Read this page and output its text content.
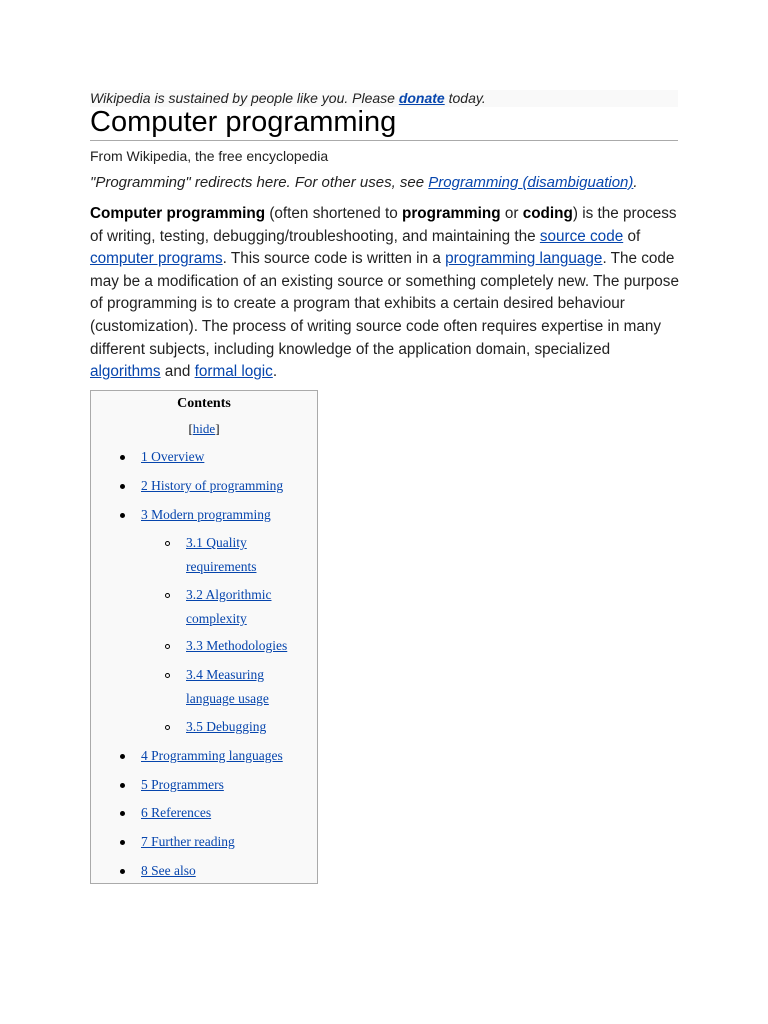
Wikipedia is sustained by people like you. Please donate today.
Computer programming
From Wikipedia, the free encyclopedia
"Programming" redirects here. For other uses, see Programming (disambiguation).

Computer programming (often shortened to programming or coding) is the process of writing, testing, debugging/troubleshooting, and maintaining the source code of computer programs. This source code is written in a programming language. The code may be a modification of an existing source or something completely new. The purpose of programming is to create a program that exhibits a certain desired behaviour (customization). The process of writing source code often requires expertise in many different subjects, including knowledge of the application domain, specialized algorithms and formal logic.

Contents
[hide]
1 Overview
2 History of programming
3 Modern programming
3.1 Quality
requirements
3.2 Algorithmic
complexity
3.3 Methodologies
3.4 Measuring
language usage
3.5 Debugging
4 Programming languages
5 Programmers
6 References
7 Further reading
8 See also
